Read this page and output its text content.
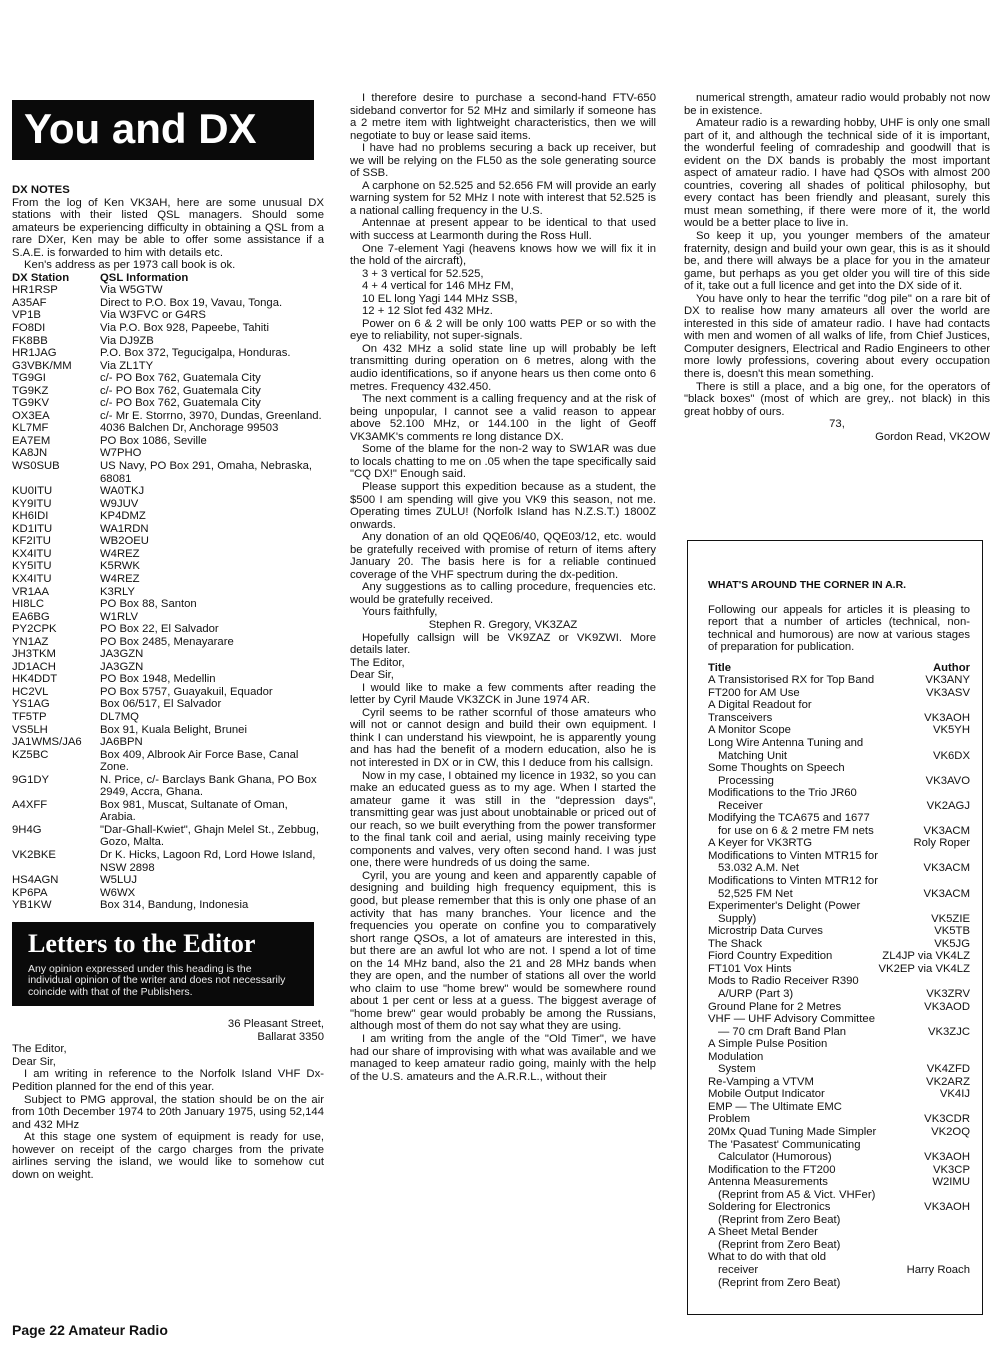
You and DX
DX NOTES

From the log of Ken VK3AH, here are some unusual DX stations with their listed QSL managers. Should some amateurs be experiencing difficulty in obtaining a QSL from a rare DXer, Ken may be able to offer some assistance if a S.A.E. is forwarded to him with details etc.

Ken's address as per 1973 call book is ok.

DX Station	QSL Information
HR1RSP	Via W5GTW
A35AF	Direct to P.O. Box 19, Vavau, Tonga.
VP1B	Via W3FVC or G4RS
FO8DI	Via P.O. Box 928, Papeebe, Tahiti
FK8BB	Via DJ9ZB
HR1JAG	P.O. Box 372, Tegucigalpa, Honduras.
G3VBK/MM	Via ZL1TY
TG9GI	c/- PO Box 762, Guatemala City
TG9KZ	c/- PO Box 762, Guatemala City
TG9KV	c/- PO Box 762, Guatemala City
OX3EA	c/- Mr E. Storrno, 3970, Dundas, Greenland.
KL7MF	4036 Balchen Dr, Anchorage 99503
EA7EM	PO Box 1086, Seville
KA8JN	W7PHO
WS0SUB	US Navy, PO Box 291, Omaha, Nebraska, 68081
KU0ITU	WA0TKJ
KY9ITU	W9JUV
KH6IDI	KP4DMZ
KD1ITU	WA1RDN
KF2ITU	WB2OEU
KX4ITU	W4REZ
KY5ITU	K5RWK
KX4ITU	W4REZ
VR1AA	K3RLY
HI8LC	PO Box 88, Santon
EA6BG	W1RLV
PY2CPK	PO Box 22, El Salvador
YN1AZ	PO Box 2485, Menayarare
JH3TKM	JA3GZN
JD1ACH	JA3GZN
HK4DDT	PO Box 1948, Medellin
HC2VL	PO Box 5757, Guayakuil, Equador
YS1AG	Box 06/517, El Salvador
TF5TP	DL7MQ
VS5LH	Box 91, Kuala Belight, Brunei
JA1WMS/JA6	JA6BPN
KZ5BC	Box 409, Albrook Air Force Base, Canal Zone.
9G1DY	N. Price, c/- Barclays Bank Ghana, PO Box 2949, Accra, Ghana.
A4XFF	Box 981, Muscat, Sultanate of Oman, Arabia.
9H4G	"Dar-Ghall-Kwiet", Ghajn Melel St., Zebbug, Gozo, Malta.
VK2BKE	Dr K. Hicks, Lagoon Rd, Lord Howe Island, NSW 2898
HS4AGN	W5LUJ
KP6PA	W6WX
YB1KW	Box 314, Bandung, Indonesia
Letters to the Editor
Any opinion expressed under this heading is the individual opinion of the writer and does not necessarily coincide with that of the Publishers.
36 Pleasant Street,
Ballarat 3350
The Editor,
Dear Sir,

I am writing in reference to the Norfolk Island VHF Dx-Pedition planned for the end of this year.

Subject to PMG approval, the station should be on the air from 10th December 1974 to 20th January 1975, using 52,144 and 432 MHz

At this stage one system of equipment is ready for use, however on receipt of the cargo charges from the private airlines serving the island, we would like to somehow cut down on weight.

I therefore desire to purchase a second-hand FTV-650 sideband convertor for 52 MHz and similarly if someone has a 2 metre item with lightweight characteristics, then we will negotiate to buy or lease said items.

I have had no problems securing a back up receiver, but we will be relying on the FL50 as the sole generating source of SSB.

A carphone on 52.525 and 52.656 FM will provide an early warning system for 52 MHz I note with interest that 52.525 is a national calling frequency in the U.S.

Antennae at present appear to be identical to that used with success at Learmonth during the Ross Hull.

One 7-element Yagi (heavens knows how we will fix it in the hold of the aircraft),

3 + 3 vertical for 52.525,
4 + 4 vertical for 146 MHz FM,
10 EL long Yagi 144 MHz SSB,
12 + 12 Slot fed 432 MHz.

Power on 6 & 2 will be only 100 watts PEP or so with the eye to reliability, not super-signals.

On 432 MHz a solid state line up will probably be left transmitting during operation on 6 metres, along with the audio identifications, so if anyone hears us then come onto 6 metres. Frequency 432.450.

The next comment is a calling frequency and at the risk of being unpopular, I cannot see a valid reason to appear above 52.100 MHz, or 144.100 in the light of Geoff VK3AMK's comments re long distance DX.

Some of the blame for the non-2 way to SW1AR was due to locals chatting to me on .05 when the tape specifically said "CQ DX!" Enough said.

Please support this expedition because as a student, the $500 I am spending will give you VK9 this season, not me. Operating times ZULU! (Norfolk Island has N.Z.S.T.) 1800Z onwards.

Any donation of an old QQE06/40, QQE03/12, etc. would be gratefully received with promise of return of items aftery January 20. The basis here is for a reliable continued coverage of the VHF spectrum during the dx-pedition.

Any suggestions as to calling procedure, frequencies etc. would be gratefully received.

Yours faithfully,

Stephen R. Gregory, VK3ZAZ

Hopefully callsign will be VK9ZAZ or VK9ZWI. More details later.

The Editor,
Dear Sir,

I would like to make a few comments after reading the letter by Cyril Maude VK3ZCK in June 1974 AR.

Cyril seems to be rather scornful of those amateurs who will not or cannot design and build their own equipment. I think I can understand his viewpoint, he is apparently young and has had the benefit of a modern education, also he is not interested in DX or in CW, this I deduce from his callsign.

Now in my case, I obtained my licence in 1932, so you can make an educated guess as to my age. When I started the amateur game it was still in the "depression days", transmitting gear was just about unobtainable or priced out of our reach, so we built everything from the power transformer to the final tank coil and aerial, using mainly receiving type components and valves, very often second hand. I was just one, there were hundreds of us doing the same.

Cyril, you are young and keen and apparently capable of designing and building high frequency equipment, this is good, but please remember that this is only one phase of an activity that has many branches. Your licence and the frequencies you operate on confine you to comparatively short range QSOs, a lot of amateurs are interested in this, but there are an awful lot who are not. I spend a lot of time on the 14 MHz band, also the 21 and 28 MHz bands when they are open, and the number of stations all over the world who claim to use "home brew" would be somewhere round about 1 per cent or less at a guess. The biggest average of "home brew" gear would probably be among the Russians, although most of them do not say what they are using.

I am writing from the angle of the "Old Timer", we have had our share of improvising with what was available and we managed to keep amateur radio going, mainly with the help of the U.S. amateurs and the A.R.R.L., without their

numerical strength, amateur radio would probably not now be in existence.

Amateur radio is a rewarding hobby, UHF is only one small part of it, and although the technical side of it is important, the wonderful feeling of comradeship and goodwill that is evident on the DX bands is probably the most important aspect of amateur radio. I have had QSOs with almost 200 countries, covering all shades of political philosophy, but every contact has been friendly and pleasant, surely this must mean something, if there were more of it, the world would be a better place to live in.

So keep it up, you younger members of the amateur fraternity, design and build your own gear, this is as it should be, and there will always be a place for you in the amateur game, but perhaps as you get older you will tire of this side of it, take out a full licence and get into the DX side of it.

You have only to hear the terrific "dog pile" on a rare bit of DX to realise how many amateurs all over the world are interested in this side of amateur radio. I have had contacts with men and women of all walks of life, from Chief Justices, Computer designers, Electrical and Radio Engineers to other more lowly professions, covering about every occupation there is, doesn't this mean something.

There is still a place, and a big one, for the operators of "black boxes" (most of which are grey,. not black) in this great hobby of ours.

73,
Gordon Read, VK2OW
WHAT'S AROUND THE CORNER IN A.R.
Following our appeals for articles it is pleasing to report that a number of articles (technical, non-technical and humorous) are now at various stages of preparation for publication.
Title	Author
A Transistorised RX for Top Band	VK3ANY
FT200 for AM Use	VK3ASV
A Digital Readout for Transceivers	VK3AOH
A Monitor Scope	VK5YH
Long Wire Antenna Tuning and	
Matching Unit	VK6DX
Some Thoughts on Speech	
Processing	VK3AVO
Modifications to the Trio JR60	
Receiver	VK2AGJ
Modifying the TCA675 and 1677	
for use on 6 & 2 metre FM nets	VK3ACM
A Keyer for VK3RTG	Roly Roper
Modifications to Vinten MTR15 for	
53.032 A.M. Net	VK3ACM
Modifications to Vinten MTR12 for	
52,525 FM Net	VK3ACM
Experimenter's Delight (Power	
Supply)	VK5ZIE
Microstrip Data Curves	VK5TB
The Shack	VK5JG
Fiord Country Expedition	ZL4JP via VK4LZ
FT101 Vox Hints	VK2EP via VK4LZ
Mods to Radio Receiver R390	
A/URP (Part 3)	VK3ZRV
Ground Plane for 2 Metres	VK3AOD
VHF — UHF Advisory Committee	
— 70 cm Draft Band Plan	VK3ZJC
A Simple Pulse Position Modulation	
System	VK4ZFD
Re-Vamping a VTVM	VK2ARZ
Mobile Output Indicator	VK4IJ
EMP — The Ultimate EMC Problem	VK3CDR
20Mx Quad Tuning Made Simpler	VK2OQ
The 'Pasatest' Communicating	
Calculator (Humorous)	VK3AOH
Modification to the FT200	VK3CP
Antenna Measurements	W2IMU
(Reprint from A5 & Vict. VHFer)	
Soldering for Electronics	VK3AOH
(Reprint from Zero Beat)	
A Sheet Metal Bender	
(Reprint from Zero Beat)	
What to do with that old	
receiver	Harry Roach
(Reprint from Zero Beat)	
Page 22 Amateur Radio
